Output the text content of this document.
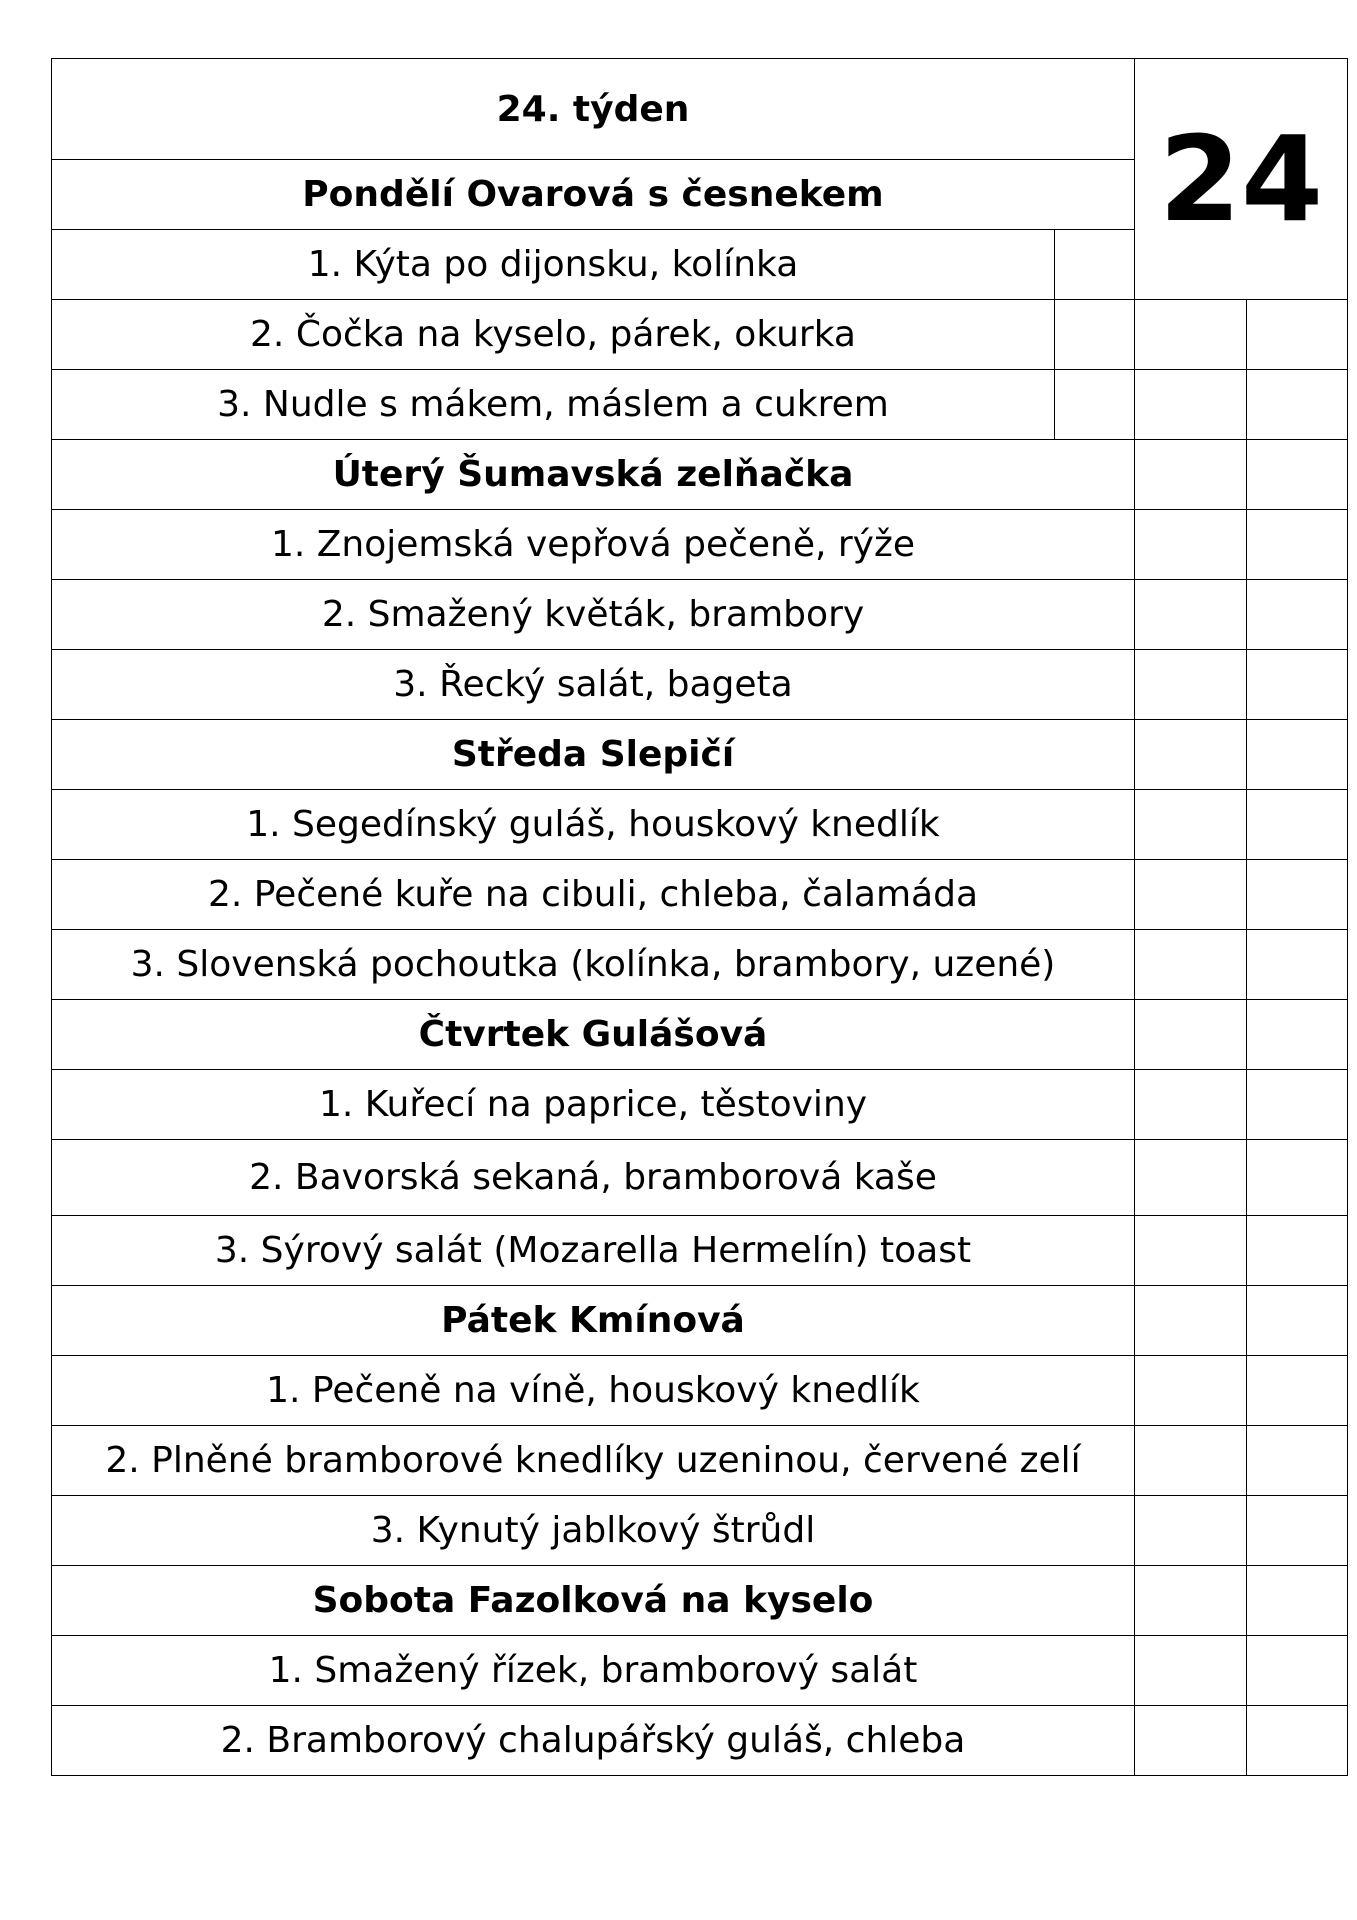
24. týden		24	
Pondělí Ovarová s česnekem			
1. Kýta po dijonsku, kolínka			
2. Čočka na kyselo, párek, okurka			
3. Nudle s mákem, máslem a cukrem			
Úterý Šumavská zelňačka			
1. Znojemská vepřová pečeně, rýže			
2. Smažený květák, brambory			
3. Řecký salát, bageta			
Středa Slepičí			
1. Segedínský guláš, houskový knedlík			
2. Pečené kuře na cibuli, chleba, čalamáda			
3. Slovenská pochoutka (kolínka, brambory, uzené)			
Čtvrtek Gulášová			
1. Kuřecí na paprice, těstoviny			
2. Bavorská sekaná, bramborová kaše			
3. Sýrový salát (Mozarella Hermelín) toast			
Pátek Kmínová			
1. Pečeně na víně, houskový knedlík			
2. Plněné bramborové knedlíky uzeninou, červené zelí			
3. Kynutý jablkový štrůdl			
Sobota Fazolková na kyselo			
1. Smažený řízek, bramborový salát			
2. Bramborový chalupářský guláš, chleba			
